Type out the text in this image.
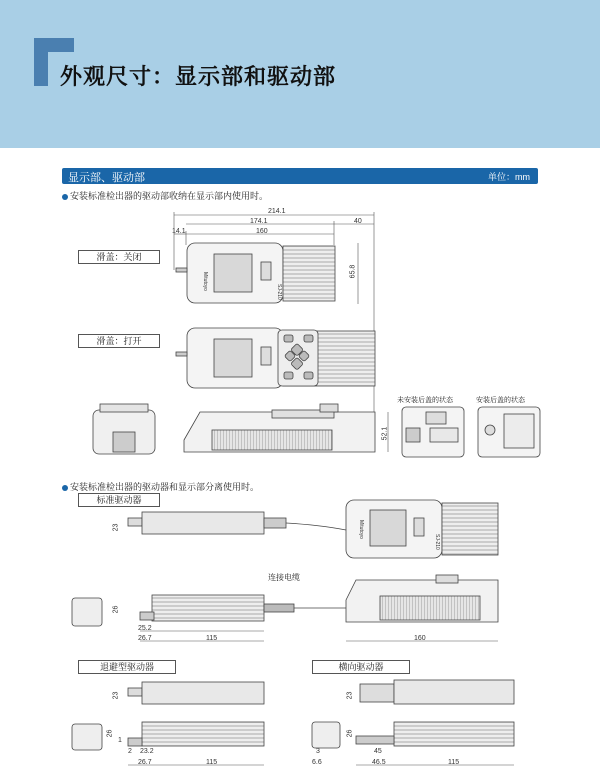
外观尺寸：显示部和驱动部
显示部、驱动部	单位：mm
安装标准检出器的驱动部收纳在显示部内使用时。
安装标准检出器的驱动器和显示部分离使用时。
滑盖：关闭
滑盖：打开
未安装后盖的状态	安装后盖的状态
标准驱动器
连接电缆
退避型驱动器	横向驱动器
214.1
174.1	40
14.1	160
65.8
52.1
23
26
25.2
26.7	115	160
23
26
1
2 23.2
26.7	115
23
26
3
6.6
45
46.5	115
Mitutoyo
SJ-210
Mitutoyo
SJ-210
